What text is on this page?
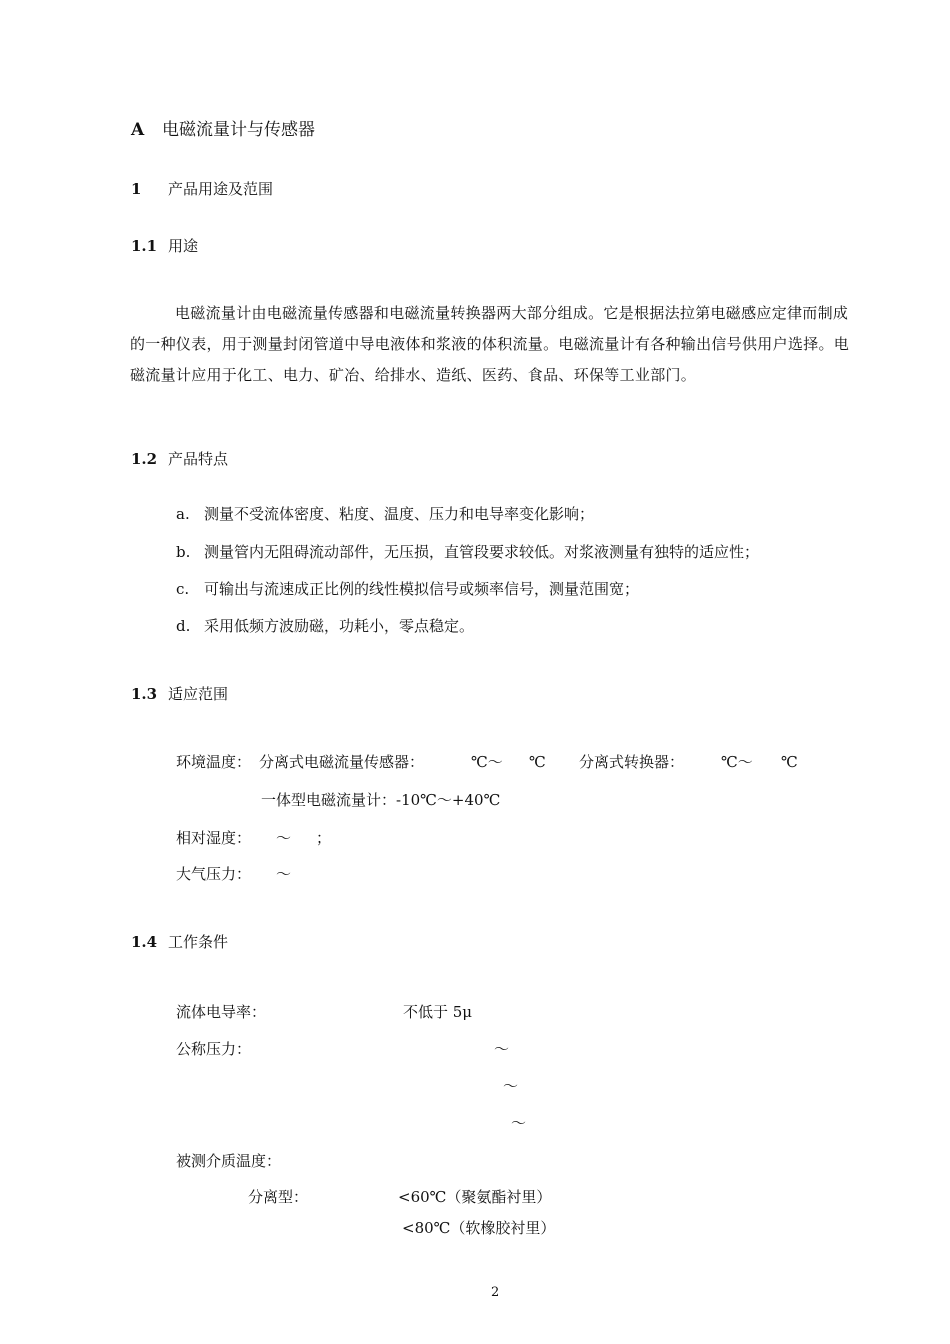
A 电磁流量计与传感器
1 产品用途及范围
1.1 用途

电磁流量计由电磁流量传感器和电磁流量转换器两大部分组成。它是根据法拉第电磁感应定律而制成的一种仪表，用于测量封闭管道中导电液体和浆液的体积流量。电磁流量计有各种输出信号供用户选择。电磁流量计应用于化工、电力、矿冶、给排水、造纸、医药、食品、环保等工业部门。

1.2 产品特点
a. 测量不受流体密度、粘度、温度、压力和电导率变化影响；
b. 测量管内无阻碍流动部件，无压损，直管段要求较低。对浆液测量有独特的适应性；
c. 可输出与流速成正比例的线性模拟信号或频率信号，测量范围宽；
d. 采用低频方波励磁，功耗小，零点稳定。
1.3 适应范围
环境温度： 分离式电磁流量传感器：	℃～ ℃ 分离式转换器： ℃～ ℃
一体型电磁流量计：-10℃～+40℃
相对湿度： ～ ；
大气压力： ～
1.4 工作条件
流体电导率：	不低于 5μ
公称压力：	～
～
～
被测介质温度：
分离型：	<60℃（聚氨酯衬里）
<80℃（软橡胶衬里）
2
